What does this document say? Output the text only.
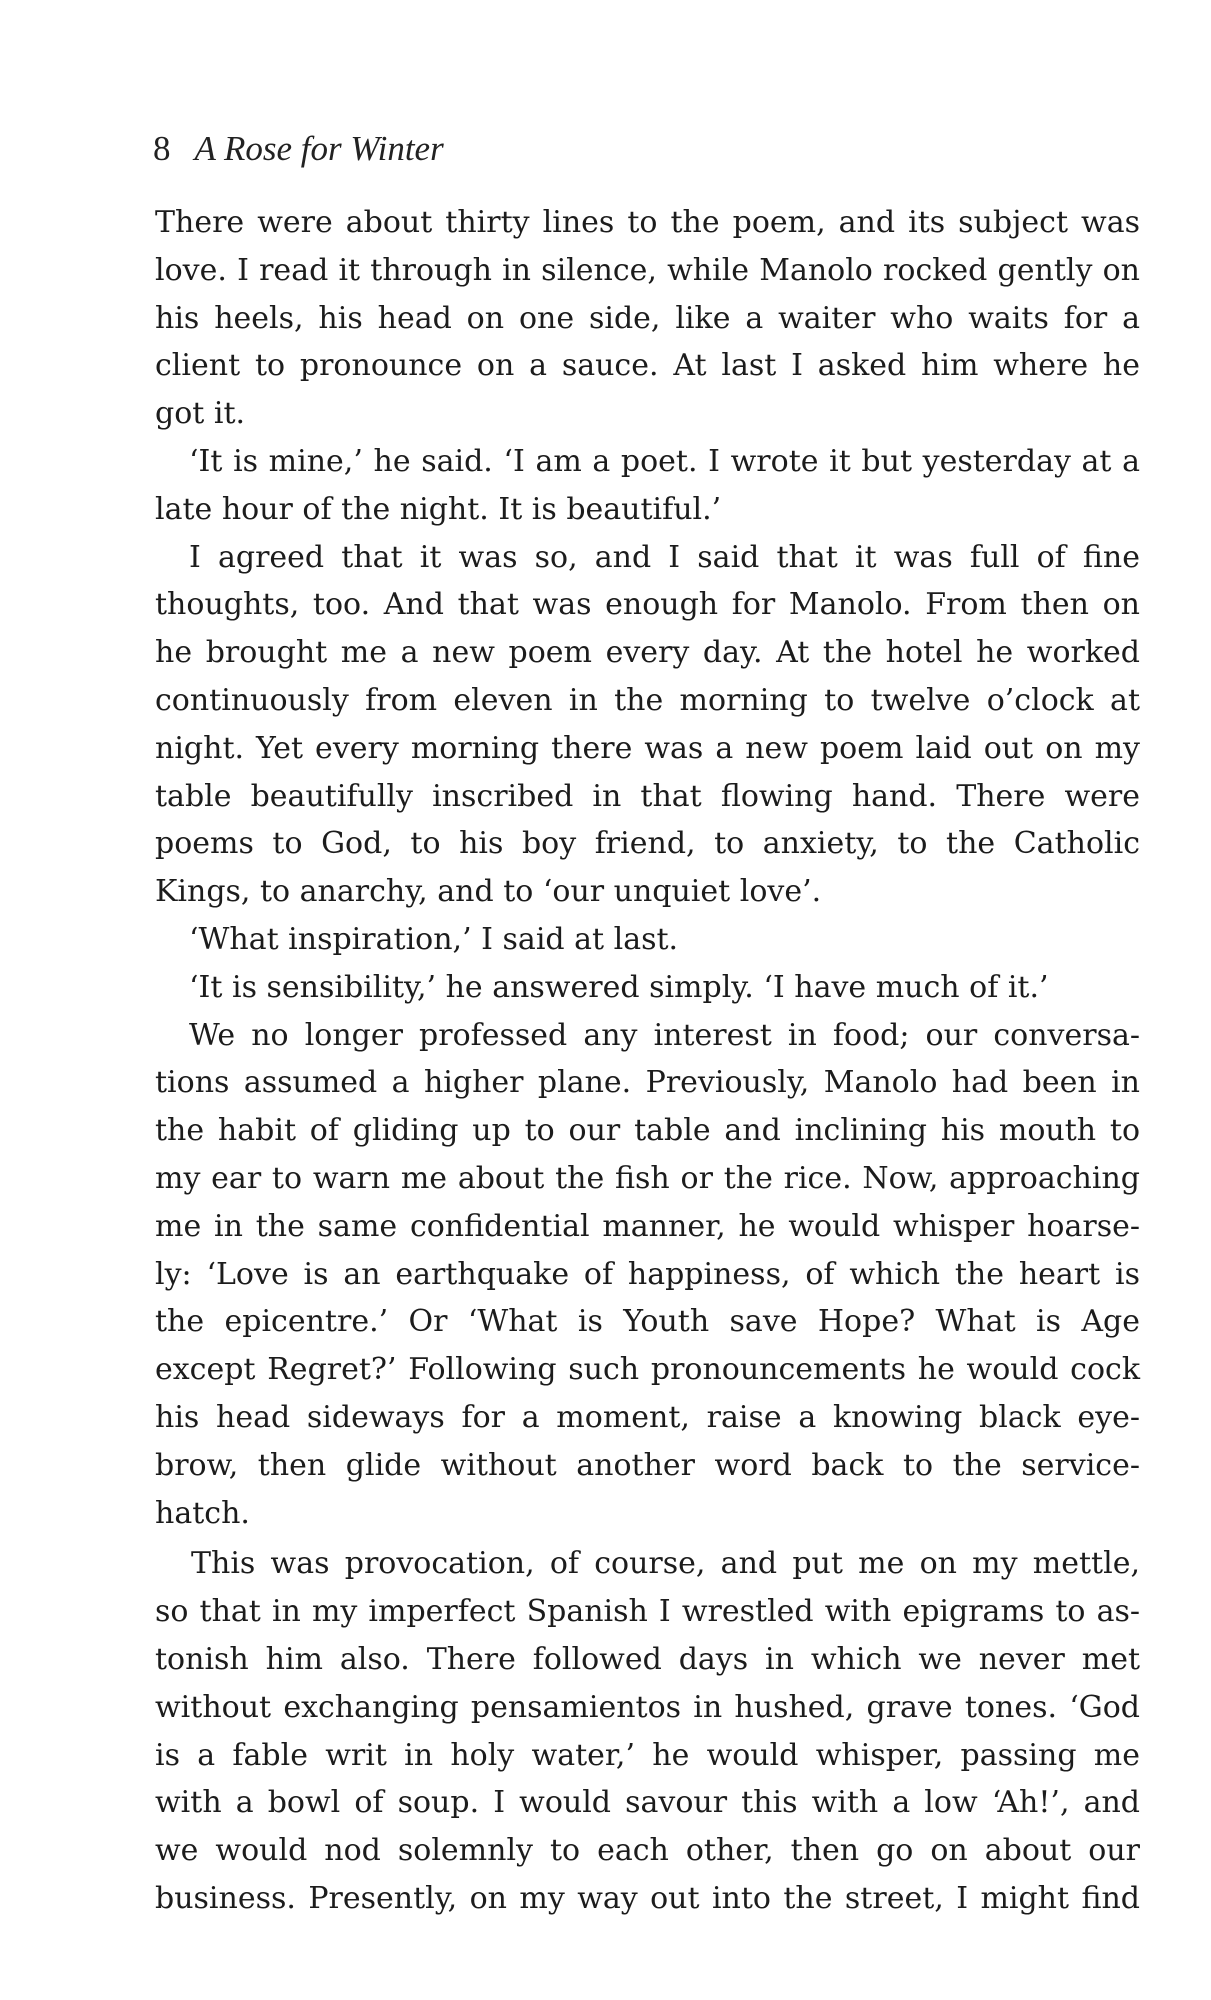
8 A Rose for Winter
There were about thirty lines to the poem, and its subject was
love. I read it through in silence, while Manolo rocked gently on
his heels, his head on one side, like a waiter who waits for a
client to pronounce on a sauce. At last I asked him where he
got it.
‘It is mine,’ he said. ‘I am a poet. I wrote it but yesterday at a
late hour of the night. It is beautiful.’
I agreed that it was so, and I said that it was full of fine
thoughts, too. And that was enough for Manolo. From then on
he brought me a new poem every day. At the hotel he worked
continuously from eleven in the morning to twelve o’clock at
night. Yet every morning there was a new poem laid out on my
table beautifully inscribed in that flowing hand. There were
poems to God, to his boy friend, to anxiety, to the Catholic
Kings, to anarchy, and to ‘our unquiet love’.
‘What inspiration,’ I said at last.
‘It is sensibility,’ he answered simply. ‘I have much of it.’
We no longer professed any interest in food; our conversa-
tions assumed a higher plane. Previously, Manolo had been in
the habit of gliding up to our table and inclining his mouth to
my ear to warn me about the fish or the rice. Now, approaching
me in the same confidential manner, he would whisper hoarse-
ly: ‘Love is an earthquake of happiness, of which the heart is
the epicentre.’ Or ‘What is Youth save Hope? What is Age
except Regret?’ Following such pronouncements he would cock
his head sideways for a moment, raise a knowing black eye-
brow, then glide without another word back to the service-
hatch.
This was provocation, of course, and put me on my mettle,
so that in my imperfect Spanish I wrestled with epigrams to as-
tonish him also. There followed days in which we never met
without exchanging pensamientos in hushed, grave tones. ‘God
is a fable writ in holy water,’ he would whisper, passing me
with a bowl of soup. I would savour this with a low ‘Ah!’, and
we would nod solemnly to each other, then go on about our
business. Presently, on my way out into the street, I might find
